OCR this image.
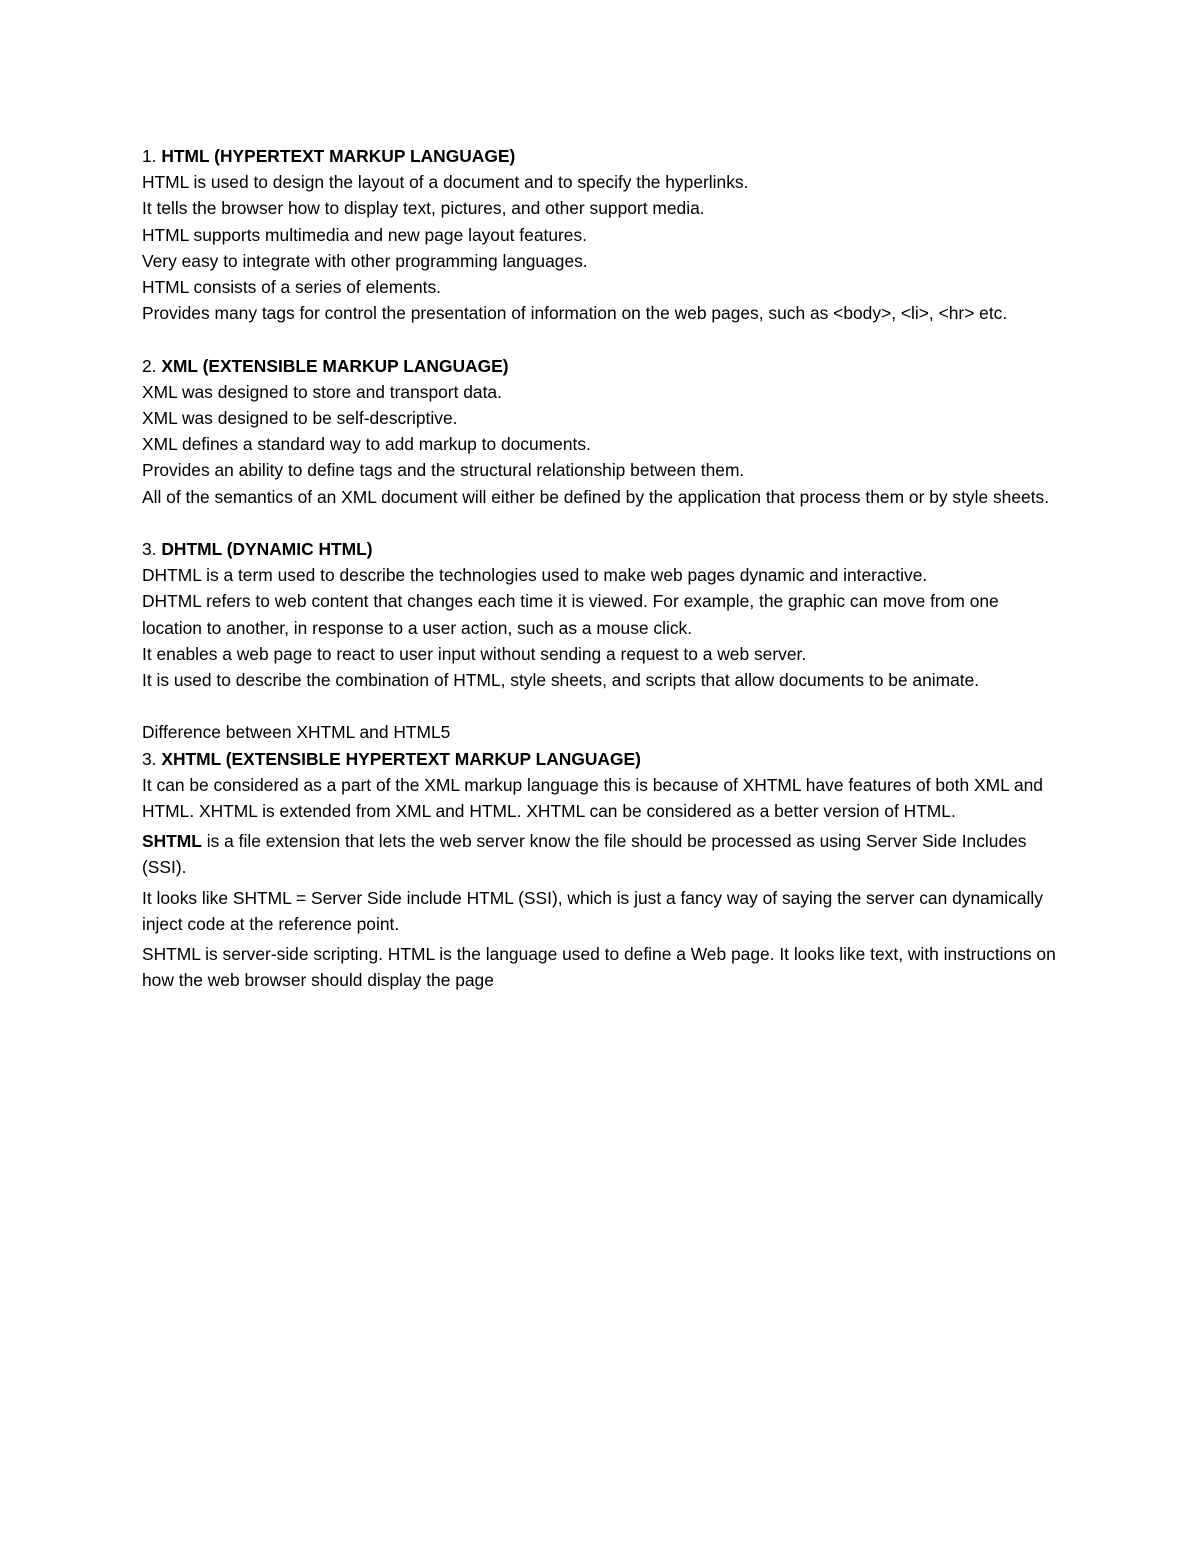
1. HTML (HYPERTEXT MARKUP LANGUAGE)

HTML is used to design the layout of a document and to specify the hyperlinks.

It tells the browser how to display text, pictures, and other support media.

HTML supports multimedia and new page layout features.

Very easy to integrate with other programming languages.

HTML consists of a series of elements.

Provides many tags for control the presentation of information on the web pages, such as <body>, <li>, <hr> etc.

2. XML (EXTENSIBLE MARKUP LANGUAGE)

XML was designed to store and transport data.

XML was designed to be self-descriptive.

XML defines a standard way to add markup to documents.

Provides an ability to define tags and the structural relationship between them.

All of the semantics of an XML document will either be defined by the application that process them or by style sheets.

3. DHTML (DYNAMIC HTML)

DHTML is a term used to describe the technologies used to make web pages dynamic and interactive.

DHTML refers to web content that changes each time it is viewed. For example, the graphic can move from one location to another, in response to a user action, such as a mouse click.

It enables a web page to react to user input without sending a request to a web server.

It is used to describe the combination of HTML, style sheets, and scripts that allow documents to be animate.

Difference between XHTML and HTML5

3. XHTML (EXTENSIBLE HYPERTEXT MARKUP LANGUAGE)

It can be considered as a part of the XML markup language this is because of XHTML have features of both XML and HTML. XHTML is extended from XML and HTML. XHTML can be considered as a better version of HTML.

SHTML is a file extension that lets the web server know the file should be processed as using Server Side Includes (SSI).

It looks like SHTML = Server Side include HTML (SSI), which is just a fancy way of saying the server can dynamically inject code at the reference point.

SHTML is server-side scripting. HTML is the language used to define a Web page. It looks like text, with instructions on how the web browser should display the page
